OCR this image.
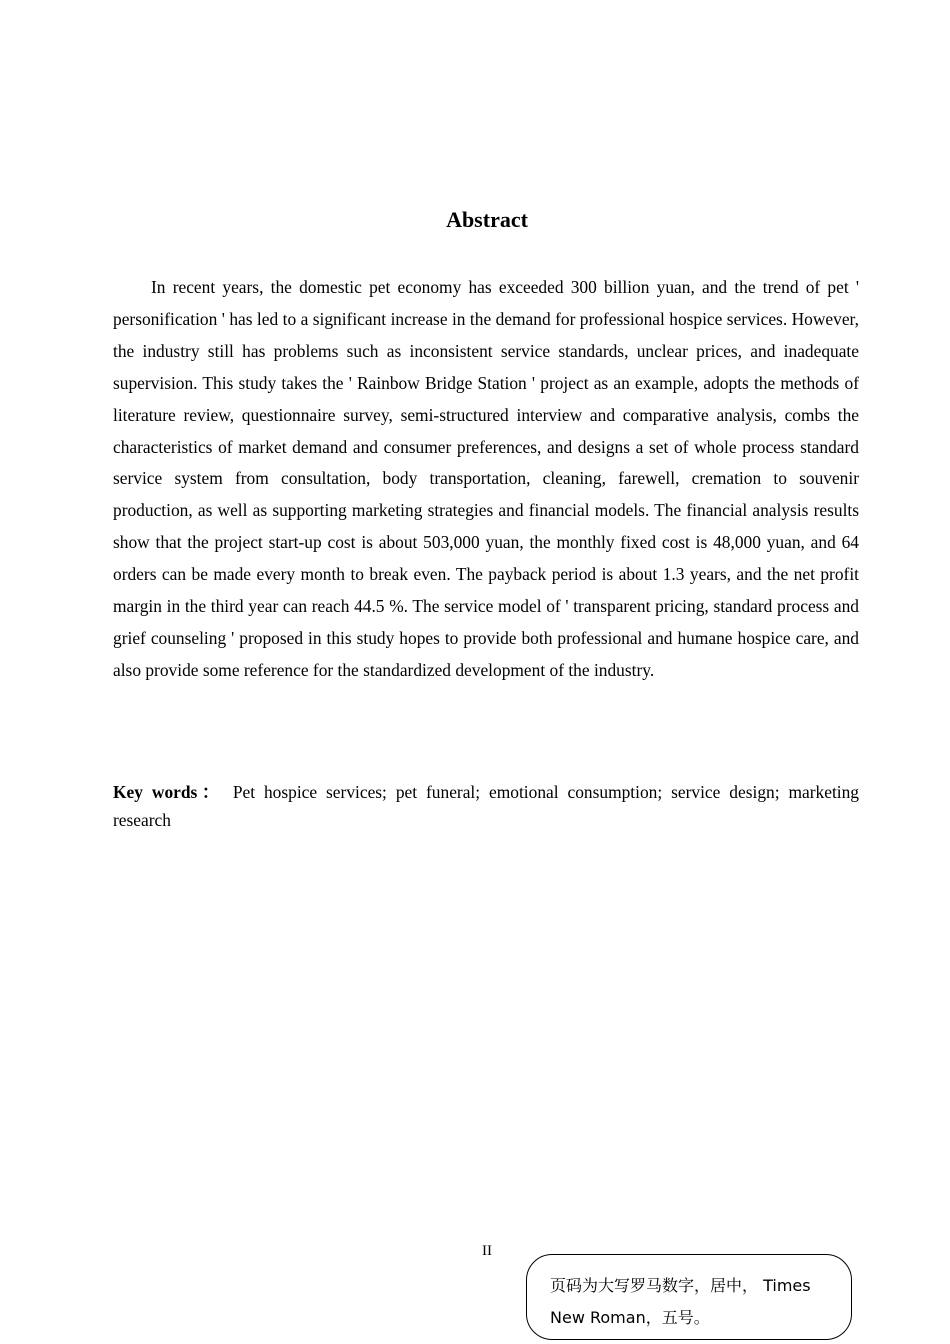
Abstract

In recent years, the domestic pet economy has exceeded 300 billion yuan, and the trend of pet ' personification ' has led to a significant increase in the demand for professional hospice services. However, the industry still has problems such as inconsistent service standards, unclear prices, and inadequate supervision. This study takes the ' Rainbow Bridge Station ' project as an example, adopts the methods of literature review, questionnaire survey, semi-structured interview and comparative analysis, combs the characteristics of market demand and consumer preferences, and designs a set of whole process standard service system from consultation, body transportation, cleaning, farewell, cremation to souvenir production, as well as supporting marketing strategies and financial models. The financial analysis results show that the project start-up cost is about 503,000 yuan, the monthly fixed cost is 48,000 yuan, and 64 orders can be made every month to break even. The payback period is about 1.3 years, and the net profit margin in the third year can reach 44.5 %. The service model of ' transparent pricing, standard process and grief counseling ' proposed in this study hopes to provide both professional and humane hospice care, and also provide some reference for the standardized development of the industry.

Key words： Pet hospice services; pet funeral; emotional consumption; service design; marketing research

II
页码为大写罗马数字，居中， Times New Roman，五号。
